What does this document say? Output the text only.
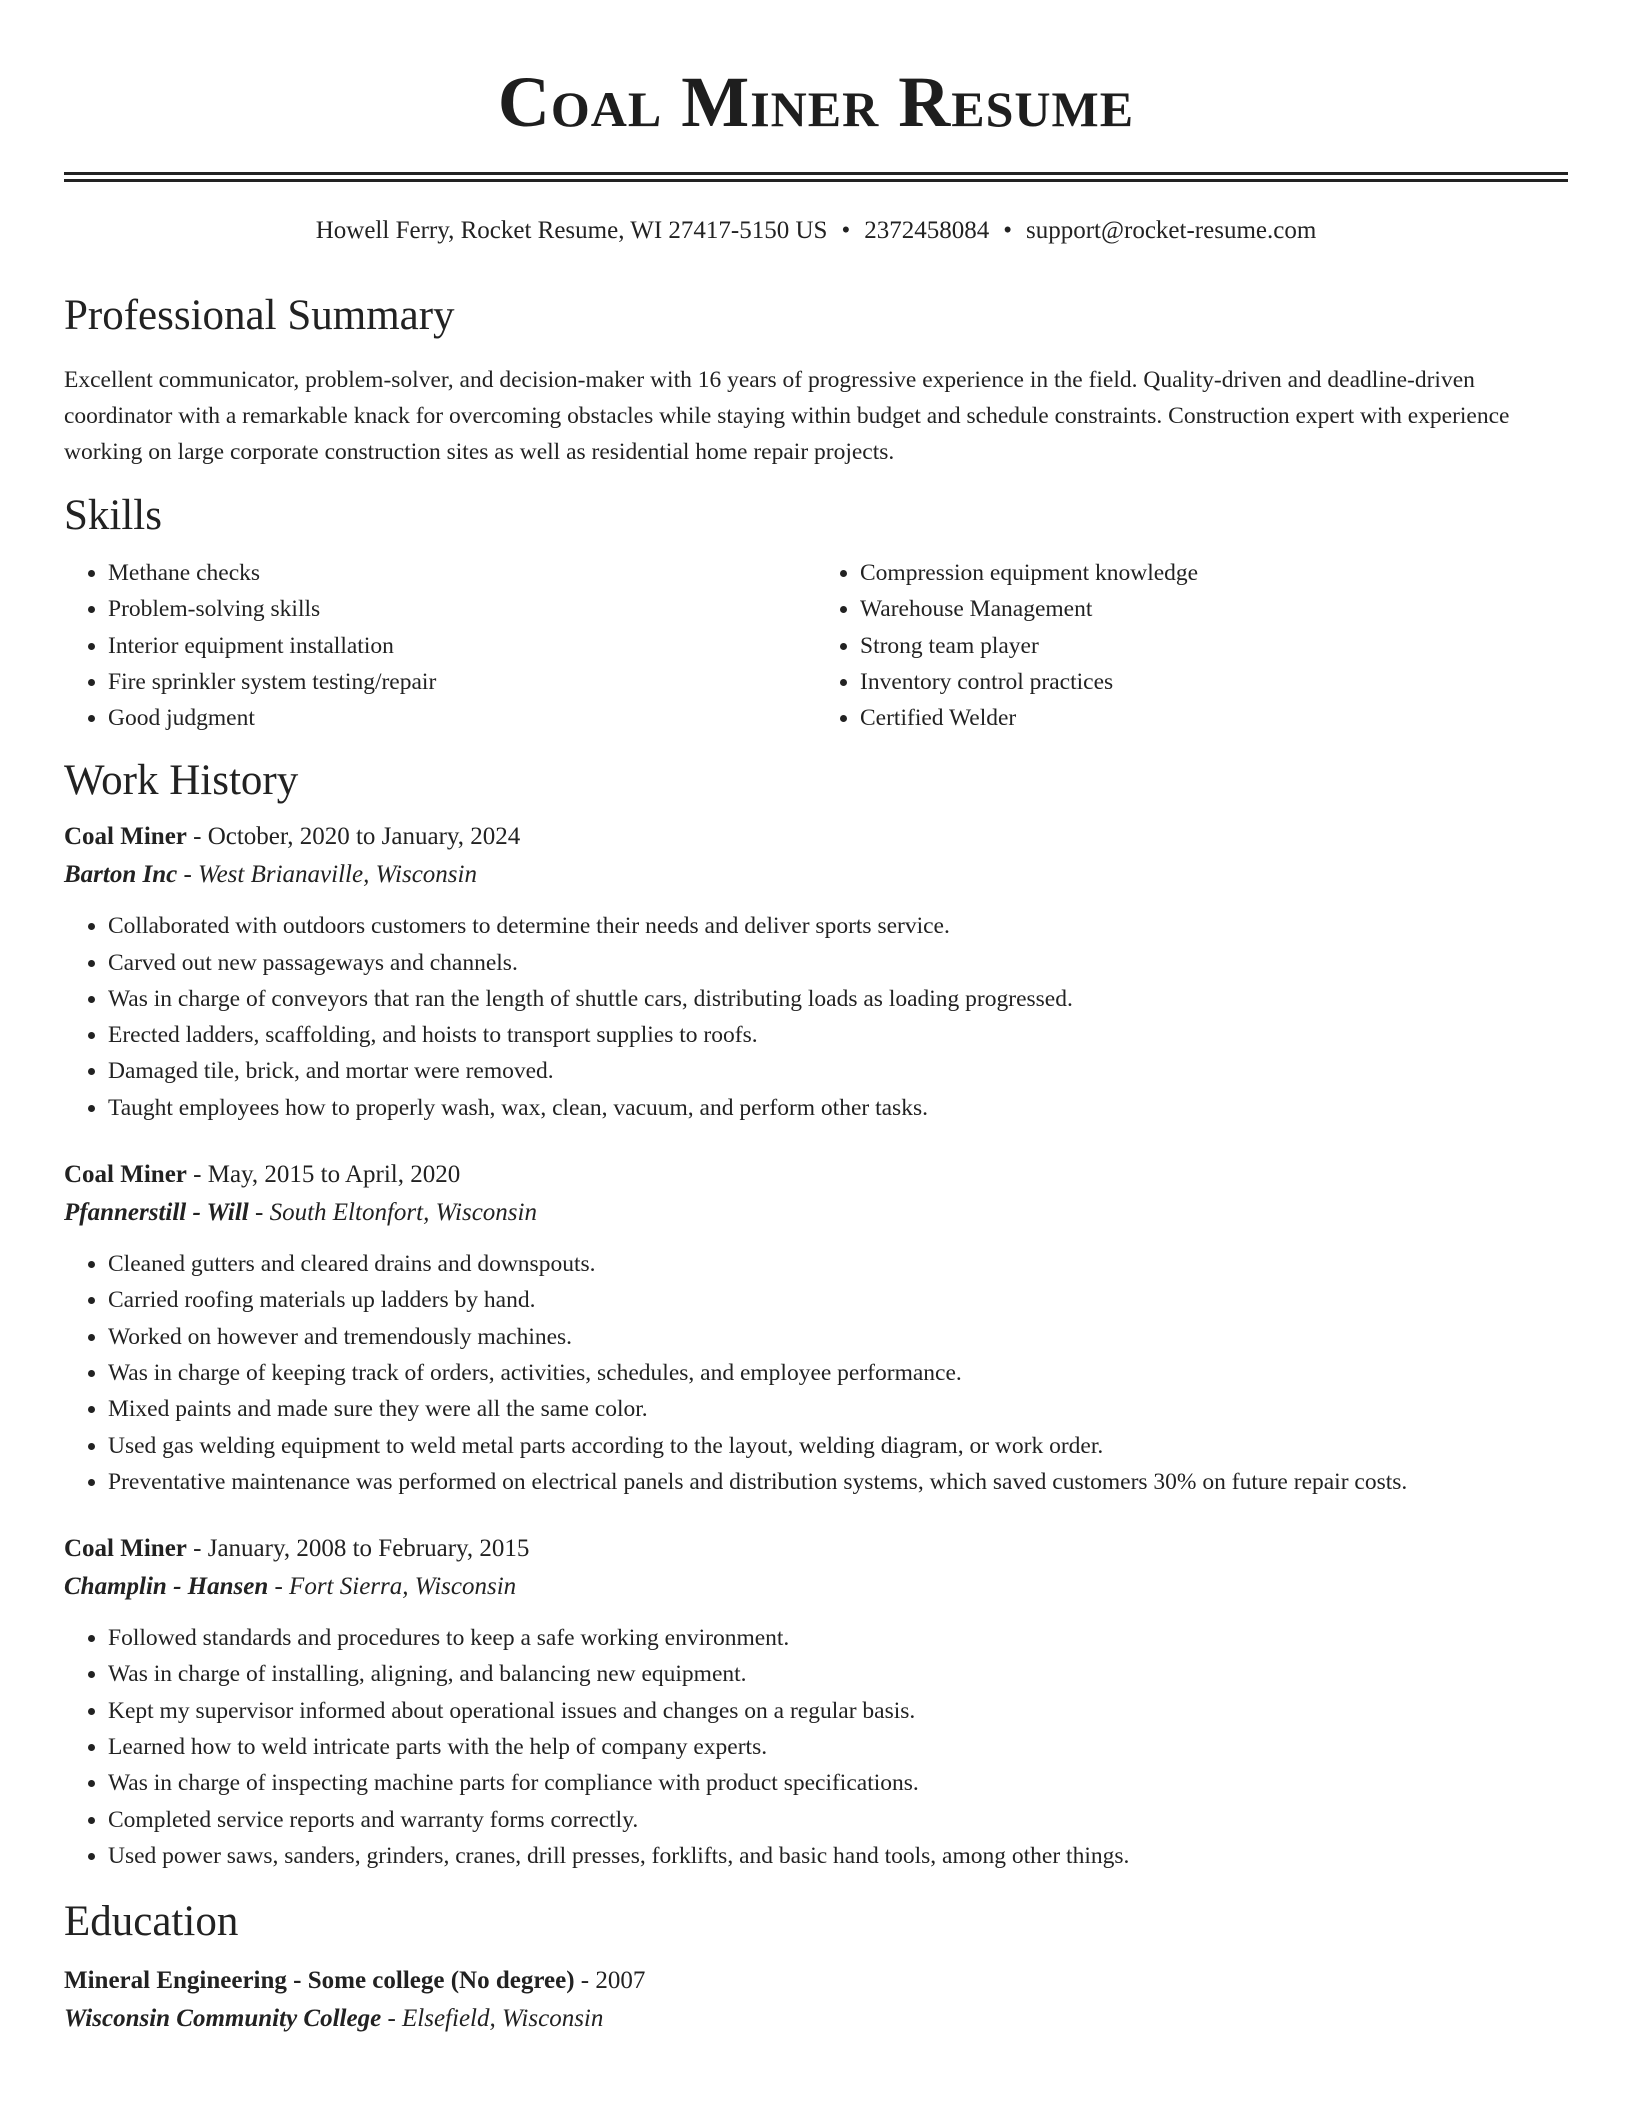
Coal Miner Resume
Howell Ferry, Rocket Resume, WI 27417-5150 US • 2372458084 • support@rocket-resume.com
Professional Summary

Excellent communicator, problem-solver, and decision-maker with 16 years of progressive experience in the field. Quality-driven and deadline-driven coordinator with a remarkable knack for overcoming obstacles while staying within budget and schedule constraints. Construction expert with experience working on large corporate construction sites as well as residential home repair projects.

Skills
• Methane checks
• Problem-solving skills
• Interior equipment installation
• Fire sprinkler system testing/repair
• Good judgment
• Compression equipment knowledge
• Warehouse Management
• Strong team player
• Inventory control practices
• Certified Welder
Work History

Coal Miner - October, 2020 to January, 2024

Barton Inc - West Brianaville, Wisconsin

• Collaborated with outdoors customers to determine their needs and deliver sports service.
• Carved out new passageways and channels.
• Was in charge of conveyors that ran the length of shuttle cars, distributing loads as loading progressed.
• Erected ladders, scaffolding, and hoists to transport supplies to roofs.
• Damaged tile, brick, and mortar were removed.
• Taught employees how to properly wash, wax, clean, vacuum, and perform other tasks.

Coal Miner - May, 2015 to April, 2020

Pfannerstill - Will - South Eltonfort, Wisconsin

• Cleaned gutters and cleared drains and downspouts.
• Carried roofing materials up ladders by hand.
• Worked on however and tremendously machines.
• Was in charge of keeping track of orders, activities, schedules, and employee performance.
• Mixed paints and made sure they were all the same color.
• Used gas welding equipment to weld metal parts according to the layout, welding diagram, or work order.
• Preventative maintenance was performed on electrical panels and distribution systems, which saved customers 30% on future repair costs.

Coal Miner - January, 2008 to February, 2015

Champlin - Hansen - Fort Sierra, Wisconsin

• Followed standards and procedures to keep a safe working environment.
• Was in charge of installing, aligning, and balancing new equipment.
• Kept my supervisor informed about operational issues and changes on a regular basis.
• Learned how to weld intricate parts with the help of company experts.
• Was in charge of inspecting machine parts for compliance with product specifications.
• Completed service reports and warranty forms correctly.
• Used power saws, sanders, grinders, cranes, drill presses, forklifts, and basic hand tools, among other things.
Education

Mineral Engineering - Some college (No degree) - 2007

Wisconsin Community College - Elsefield, Wisconsin
